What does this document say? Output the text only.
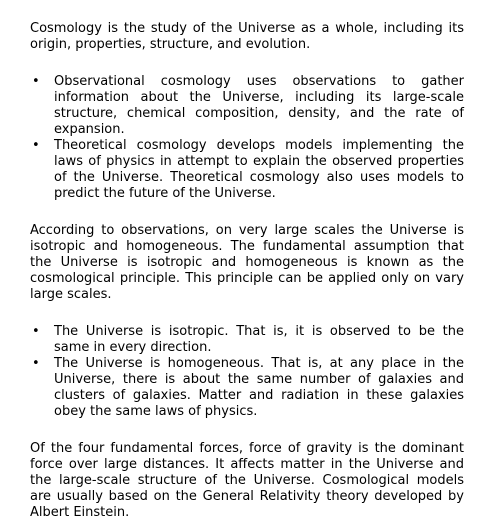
Cosmology is the study of the Universe as a whole, including its origin, properties, structure, and evolution.

• Observational cosmology uses observations to gather information about the Universe, including its large-scale structure, chemical composition, density, and the rate of expansion.
• Theoretical cosmology develops models implementing the laws of physics in attempt to explain the observed properties of the Universe. Theoretical cosmology also uses models to predict the future of the Universe.

According to observations, on very large scales the Universe is isotropic and homogeneous. The fundamental assumption that the Universe is isotropic and homogeneous is known as the cosmological principle. This principle can be applied only on vary large scales.

• The Universe is isotropic. That is, it is observed to be the same in every direction.
• The Universe is homogeneous. That is, at any place in the Universe, there is about the same number of galaxies and clusters of galaxies. Matter and radiation in these galaxies obey the same laws of physics.

Of the four fundamental forces, force of gravity is the dominant force over large distances. It affects matter in the Universe and the large-scale structure of the Universe. Cosmological models are usually based on the General Relativity theory developed by Albert Einstein.
